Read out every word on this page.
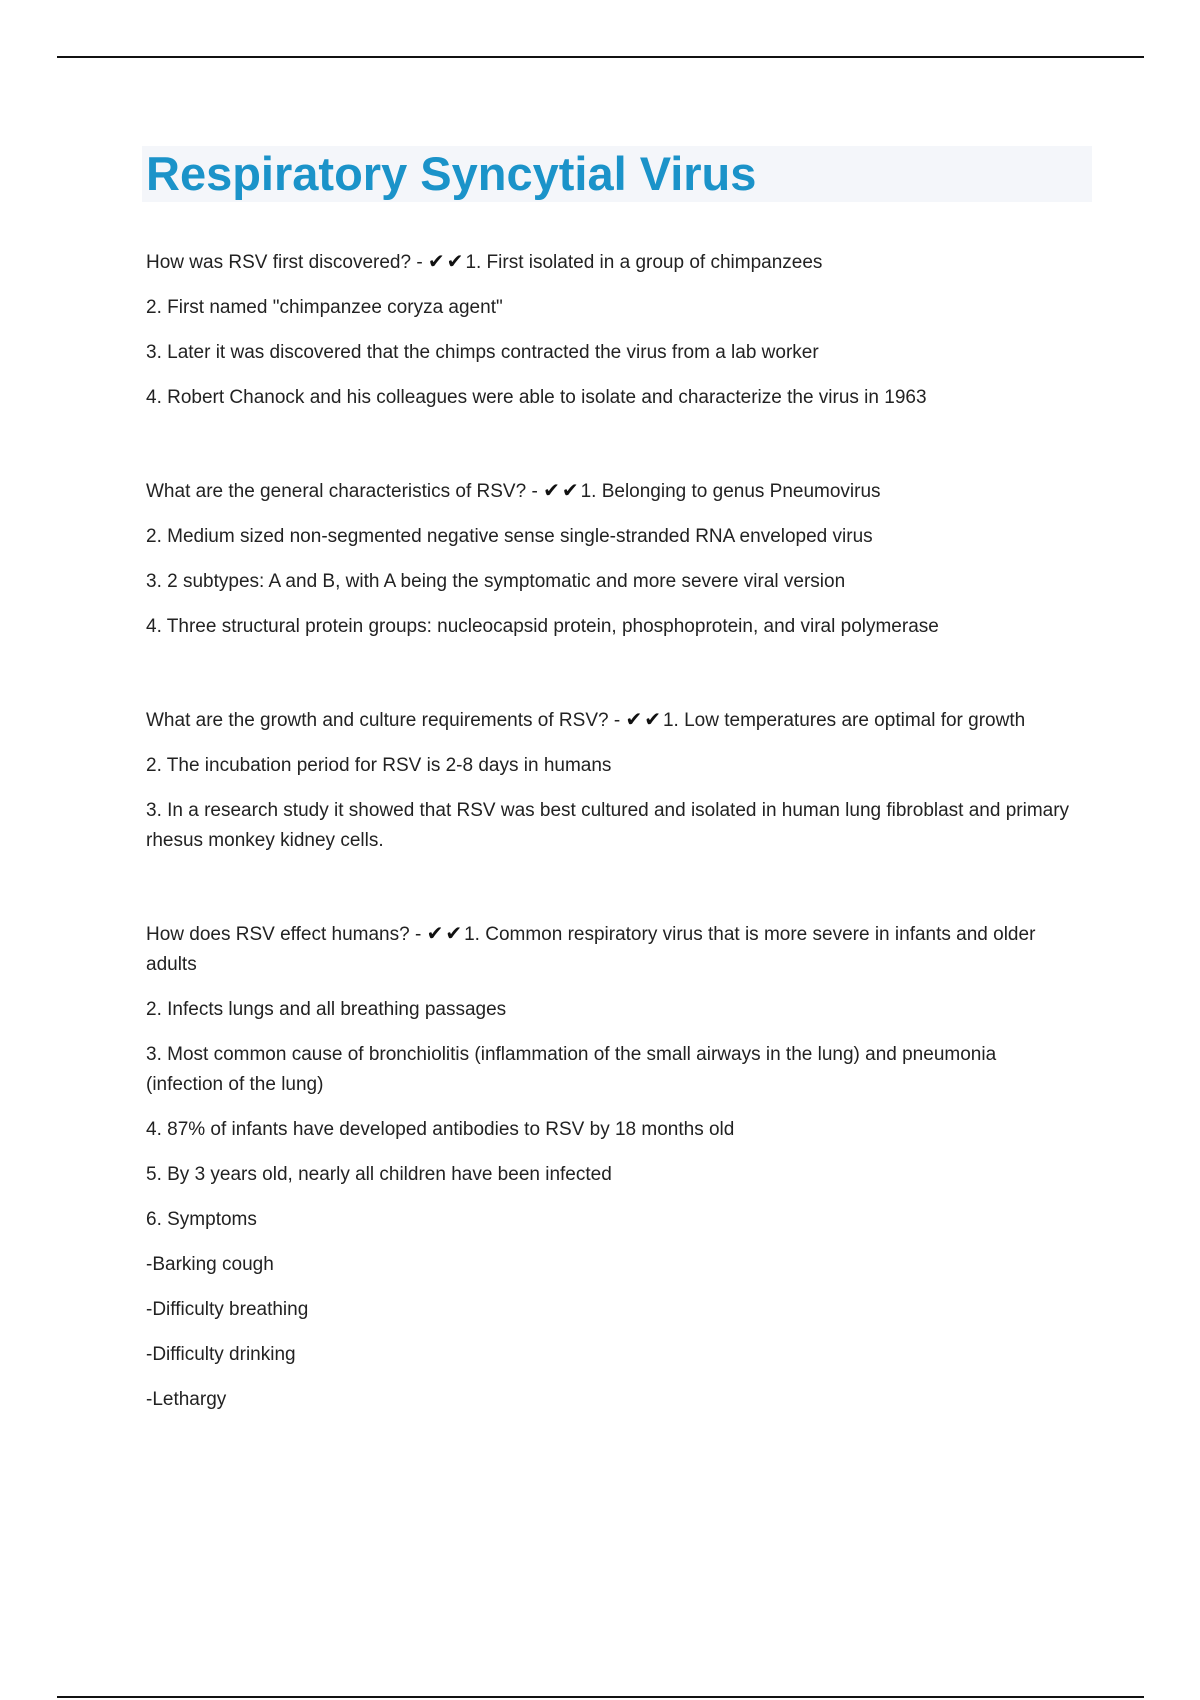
Respiratory Syncytial Virus

How was RSV first discovered? - ✔✔1. First isolated in a group of chimpanzees

2. First named "chimpanzee coryza agent"

3. Later it was discovered that the chimps contracted the virus from a lab worker

4. Robert Chanock and his colleagues were able to isolate and characterize the virus in 1963

What are the general characteristics of RSV? - ✔✔1. Belonging to genus Pneumovirus

2. Medium sized non-segmented negative sense single-stranded RNA enveloped virus

3. 2 subtypes: A and B, with A being the symptomatic and more severe viral version

4. Three structural protein groups: nucleocapsid protein, phosphoprotein, and viral polymerase

What are the growth and culture requirements of RSV? - ✔✔1. Low temperatures are optimal for growth

2. The incubation period for RSV is 2-8 days in humans

3. In a research study it showed that RSV was best cultured and isolated in human lung fibroblast and primary rhesus monkey kidney cells.

How does RSV effect humans? - ✔✔1. Common respiratory virus that is more severe in infants and older adults

2. Infects lungs and all breathing passages

3. Most common cause of bronchiolitis (inflammation of the small airways in the lung) and pneumonia (infection of the lung)

4. 87% of infants have developed antibodies to RSV by 18 months old

5. By 3 years old, nearly all children have been infected

6. Symptoms

-Barking cough

-Difficulty breathing

-Difficulty drinking

-Lethargy
